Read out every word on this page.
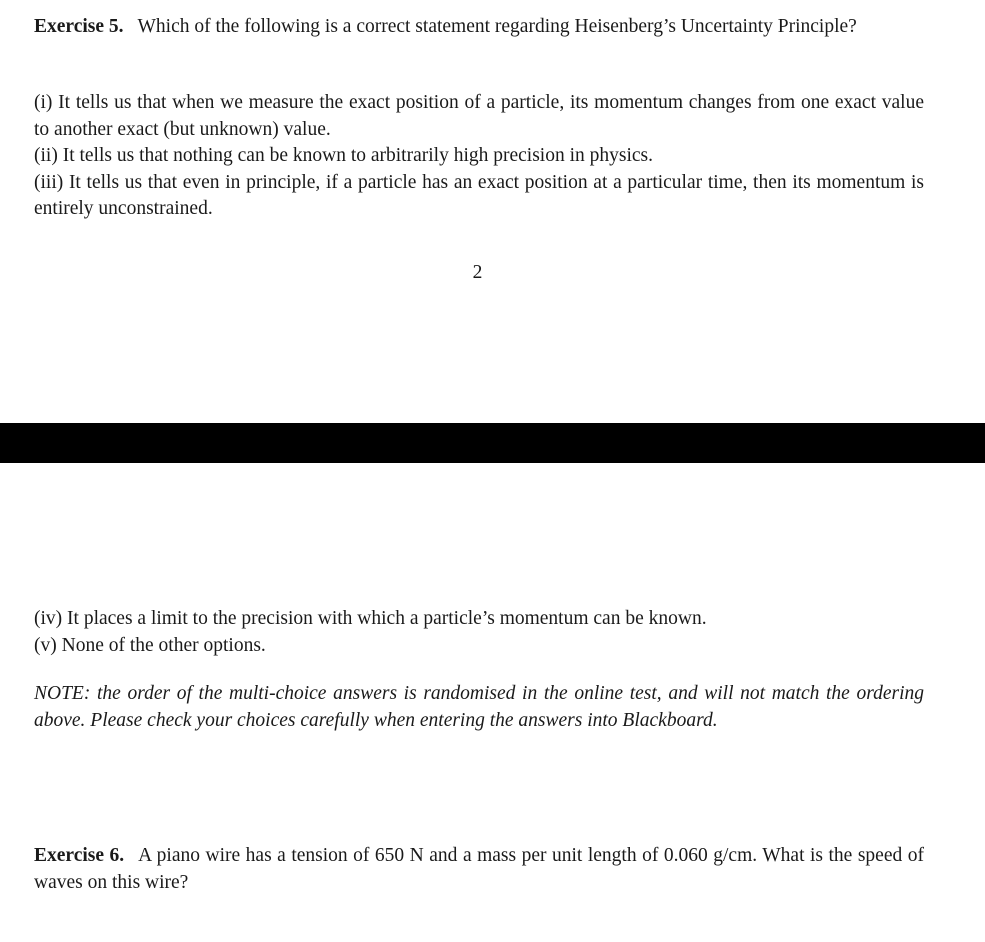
Exercise 5. Which of the following is a correct statement regarding Heisenberg’s Uncertainty Principle?

(i) It tells us that when we measure the exact position of a particle, its momentum changes from one exact value to another exact (but unknown) value.

(ii) It tells us that nothing can be known to arbitrarily high precision in physics.

(iii) It tells us that even in principle, if a particle has an exact position at a particular time, then its momentum is entirely unconstrained.

2

(iv) It places a limit to the precision with which a particle’s momentum can be known.

(v) None of the other options.

NOTE: the order of the multi-choice answers is randomised in the online test, and will not match the ordering above. Please check your choices carefully when entering the answers into Blackboard.

Exercise 6. A piano wire has a tension of 650 N and a mass per unit length of 0.060 g/cm. What is the speed of waves on this wire?
